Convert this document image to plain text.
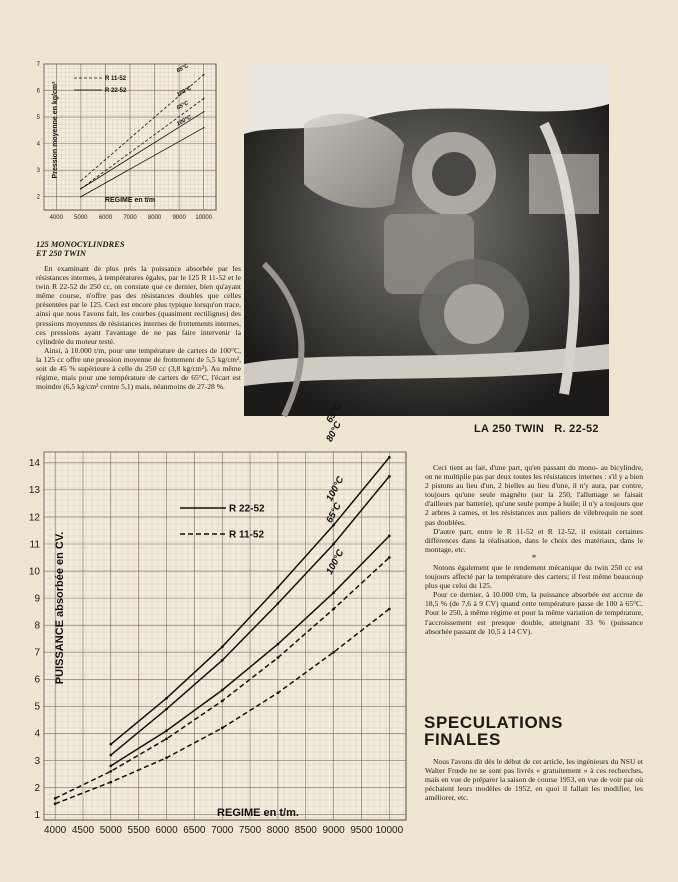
4000 5000 6000 7000 8000 9000 10000
2
3
4
5
6
7	65°C
100°C
65°C
100°C
R 11-52
R 22-52
REGIME en t/m
Pression moyenne en kg/cm²
LA 250 TWIN R. 22-52
125 MONOCYLINDRES
ET 250 TWIN

En examinant de plus près la puissance absorbée par les résistances internes, à températures égales, par le 125 R 11-52 et le twin R 22-52 de 250 cc, on constate que ce dernier, bien qu'ayant même course, n'offre pas des résistances doubles que celles présentées par le 125. Ceci est encore plus typique lorsqu'on trace, ainsi que nous l'avons fait, les courbes (quasiment rectilignes) des pressions moyennes de résistances internes de frottements internes, ces pressions ayant l'avantage de ne pas faire intervenir la cylindrée du moteur testé.

Ainsi, à 10.000 t/m, pour une température de carters de 100°C, la 125 cc offre une pression moyenne de frottement de 5,5 kg/cm², soit de 45 % supérieure à celle du 250 cc (3,8 kg/cm²). Au même régime, mais pour une température de carters de 65°C, l'écart est moindre (6,5 kg/cm² contre 5,1) mais, néanmoins de 27-28 %.

4000 4500 5000 5500 6000 6500 7000 7500 8000 8500 9000 9500 10000
1
2
3
4
5
6
7
8
9
10
11
12
13
14
65°C
80°C
100°C
65°C
100°C
R 22-52
R 11-52
REGIME en t/m.
PUISSANCE absorbée en CV.

Ceci tient au fait, d'une part, qu'en passant du mono- au bicylindre, on ne multiplie pas par deux toutes les résistances internes : s'il y a bien 2 pistons au lieu d'un, 2 bielles au lieu d'une, il n'y aura, par contre, toujours qu'une seule magnéto (sur la 250, l'allumage se faisait d'ailleurs par batterie), qu'une seule pompe à huile; il n'y a toujours que 2 arbres à cames, et les résistances aux paliers de vilebrequin ne sont pas doublées.

D'autre part, entre le R 11-52 et R 12-52, il existait certaines différences dans la réalisation, dans le choix des matériaux, dans le montage, etc.

*

Notons également que le rendement mécanique du twin 250 cc est toujours affecté par la température des carters; il l'est même beaucoup plus que celui du 125.

Pour ce dernier, à 10.000 t/m, la puissance absorbée est accrue de 18,5 % (de 7,6 à 9 CV) quand cette température passe de 100 à 65°C. Pour le 250, à même régime et pour la même variation de température, l'accroissement est presque double, atteignant 33 % (puissance absorbée passant de 10,5 à 14 CV).

SPECULATIONS
FINALES

Nous l'avons dit dès le début de cet article, les ingénieurs du NSU et Walter Frœde ne se sont pas livrés « gratuitement » à ces recherches, mais en vue de préparer la saison de course 1953, en vue de voir par où péchaient leurs modèles de 1952, en quoi il fallait les modifier, les améliorer, etc.
